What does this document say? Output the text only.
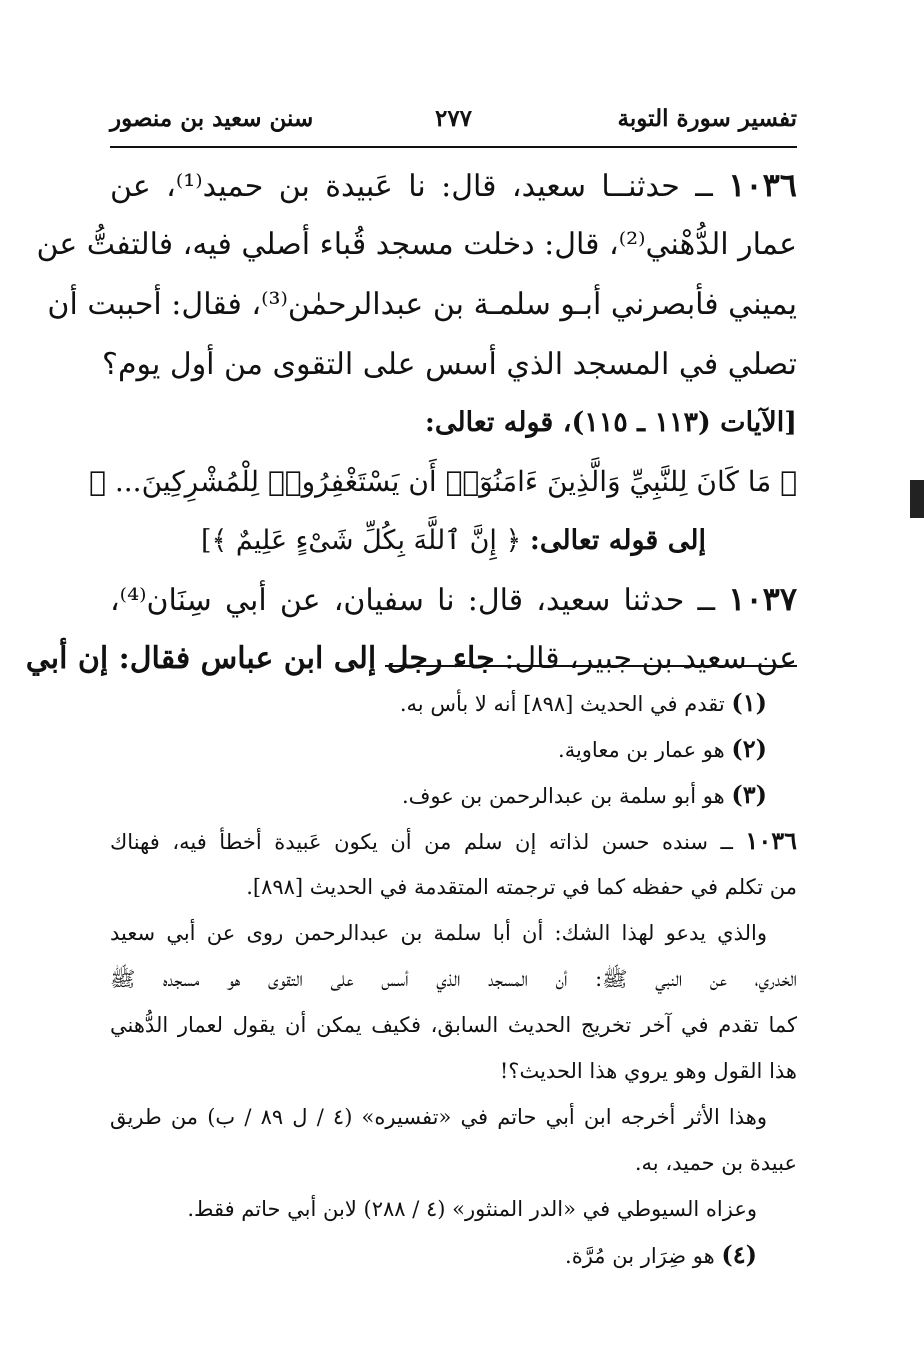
تفسير سورة التوبة
٢٧٧
سنن سعيد بن منصور
١٠٣٦ ــ حدثنــا سعيد، قال: نا عَبيدة بن حميد⁽¹⁾، عن
عمار الدُّهْني⁽²⁾، قال: دخلت مسجد قُباء أصلي فيه، فالتفتُّ عن
يميني فأبصرني أبـو سلمـة بن عبدالرحمٰن⁽³⁾، فقال: أحببت أن
تصلي في المسجد الذي أسس على التقوى من أول يوم؟
[الآيات (١١٣ ـ ١١٥)، قوله تعالى:
﴿ مَا كَانَ لِلنَّبِيِّ وَالَّذِينَ ءَامَنُوٓا۟ أَن يَسْتَغْفِرُوا۟ لِلْمُشْرِكِينَ... ﴾
إلى قوله تعالى: ﴿ إِنَّ ٱللَّهَ بِكُلِّ شَىْءٍ عَلِيمٌ ﴾]
١٠٣٧ ــ حدثنا سعيد، قال: نا سفيان، عن أبي سِنَان⁽⁴⁾،
عن سعيد بن جبير، قال: جاء رجل إلى ابن عباس فقال: إن أبي
(١) تقدم في الحديث [٨٩٨] أنه لا بأس به.
(٢) هو عمار بن معاوية.
(٣) هو أبو سلمة بن عبدالرحمن بن عوف.
١٠٣٦ ــ سنده حسن لذاته إن سلم من أن يكون عَبيدة أخطأ فيه، فهناك
من تكلم في حفظه كما في ترجمته المتقدمة في الحديث [٨٩٨].
والذي يدعو لهذا الشك: أن أبا سلمة بن عبدالرحمن روى عن أبي سعيد
الخدري، عن النبي ﷺ: أن المسجد الذي أسس على التقوى هو مسجده ﷺ
كما تقدم في آخر تخريج الحديث السابق، فكيف يمكن أن يقول لعمار الدُّهني
هذا القول وهو يروي هذا الحديث؟!
وهذا الأثر أخرجه ابن أبي حاتم في «تفسيره» (٤ / ل ٨٩ / ب) من طريق
عبيدة بن حميد، به.
وعزاه السيوطي في «الدر المنثور» (٤ / ٢٨٨) لابن أبي حاتم فقط.
(٤) هو ضِرَار بن مُرَّة.
